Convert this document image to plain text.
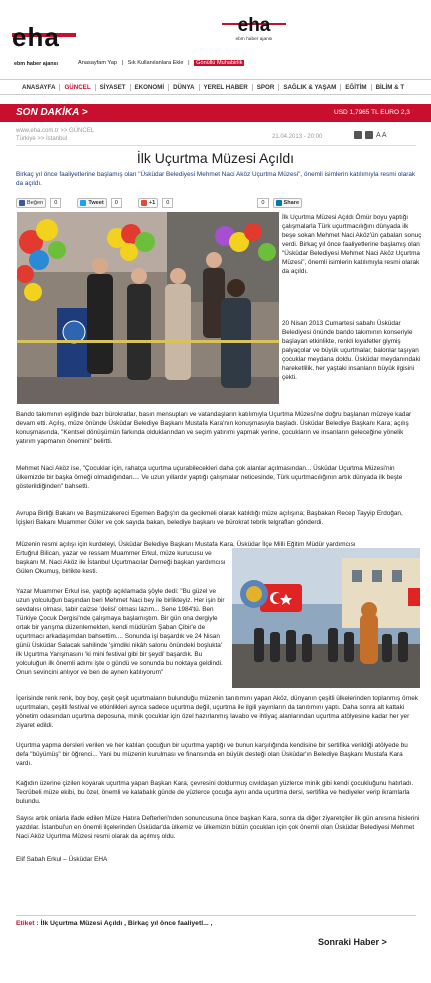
eha
ebm haber ajansı	Anasayfam Yap | Sık Kullanılanlara Ekle | Gönüllü Muhabirlik
eha
ebm haber ajansı
ANASAYFA	GÜNCEL	SİYASET	EKONOMİ	DÜNYA	YEREL HABER	SPOR	SAĞLIK & YAŞAM	EĞİTİM	BİLİM & T
SON DAKİKA >	USD 1,7965 TL EURO 2,3
www.eha.com.tr >> GÜNCEL
Türkiye >> İstanbul	21.04.2013 - 20:00	A A
İlk Uçurtma Müzesi Açıldı
Birkaç yıl önce faaliyetlerine başlamış olan "Üsküdar Belediyesi Mehmet Naci Aköz Uçurtma Müzesi", önemli isimlerin katılımıyla resmi olarak da açıldı.
Beğen	0	Tweet	0	+1	0	0	Share
İlk Uçurtma Müzesi Açıldı Ömür boyu yaptığı çalışmalarla Türk uçurtmacılığını dünyada ilk beşe sokan Mehmet Naci Aköz'ün çabaları sonuç verdi. Birkaç yıl önce faaliyetlerine başlamış olan "Üsküdar Belediyesi Mehmet Naci Aköz Uçurtma Müzesi", önemli isimlerin katılımıyla resmi olarak da açıldı.
20 Nisan 2013 Cumartesi sabahı Üsküdar Belediyesi önünde bando takımının konseriyle başlayan etkinlikte, renkli kıyafetler giymiş palyaçolar ve büyük uçurtmalar, balonlar taşıyan çocuklar meydana doldu. Üsküdar meydanındaki hareketlilik, her yaştaki insanların büyük ilgisini çekti.
Bando takımının eşliğinde bazı bürokratlar, basın mensupları ve vatandaşların katılımıyla Uçurtma Müzesi'ne doğru başlanan müzeye kadar devam etti. Açılış, müze önünde Üsküdar Belediye Başkanı Mustafa Kara'nın konuşmasıyla başladı. Üsküdar Belediye Başkanı Kara; açılış konuşmasında, "Kentsel dönüşümün farkında olduklarından ve seçim yatırımı yapmak yerine, çocukların ve insanların geleceğine yönelik yatırım yapmanın önemini" belirtti.
Mehmet Naci Aköz ise, "Çocuklar için, rahatça uçurtma uçurabilecekleri daha çok alanlar açılmasından... Üsküdar Uçurtma Müzesi'nin ülkemizde bir başka örneği olmadığından.... Ve uzun yıllardır yaptığı çalışmalar neticesinde, Türk uçurtmacılığının artık dünyada ilk beşte gösterildiğinden" bahsetti.
Avrupa Birliği Bakanı ve Başmüzakereci Egemen Bağış'ın da gecikmeli olarak katıldığı müze açılışına; Başbakan Recep Tayyip Erdoğan, İçişleri Bakanı Muammer Güler ve çok sayıda bakan, belediye başkanı ve bürokrat tebrik telgrafları gönderdi.
Müzenin resmi açılışı için kurdeleyi, Üsküdar Belediye Başkanı Mustafa Kara, Üsküdar İlçe Milli Eğitim Müdür yardımcısı
Ertuğrul Bilican, yazar ve ressam Muammer Erkul, müze kurucusu ve başkanı M. Naci Aköz ile İstanbul Uçurtmacılar Derneği başkan yardımcısı Gülen Okumuş, birlikte kesti.
Yazar Muammer Erkul ise, yaptığı açıklamada şöyle dedi: "Bu güzel ve uzun yolculuğun başından beri Mehmet Naci bey ile birlikteyiz. Her işin bir sevdalısı olması, tabir caizse 'delisi' olması lazım... Sene 1984'tü. Ben Türkiye Çocuk Dergisi'nde çalışmaya başlamıştım. Bir gün ona dergiyle ortak bir yarışma düzenlemekten, kendi müdürüm Şaban Çibir'e de uçurtmacı arkadaşımdan bahsettim.... Sonunda işi başardık ve 24 Nisan günü Üsküdar Salacak sahilinde 'şimdiki nikâh salonu önündeki boşlukta' ilk Uçurtma Yarışmasını 'ki mini festival gibi bir şeydi' başardık. Bu yolculuğun ilk önemli adımı işte o gündü ve sonunda bu noktaya geldindi. Onun sevincini anlıyor ve ben de aynen katılıyorum"
İçerisinde renk renk, boy boy, çeşit çeşit uçurtmaların bulunduğu müzenin tanıtımını yapan Aköz, dünyanın çeşitli ülkelerinden toplanmış örnek uçurtmaları, çeşitli festival ve etkinlikleri ayrıca sadece uçurtma değil, uçurtma ile ilgili yayınların da tanıtımını yaptı. Daha sonra alt kattaki yönetim odasından uçurtma deposuna, minik çocuklar için özel hazırlanmış lavabo ve ihtiyaç alanlarından uçurtma atölyesine kadar her yer ziyaret edildi.
Uçurtma yapma dersleri verilen ve her katılan çocuğun bir uçurtma yaptığı ve bunun karşılığında kendisine bir sertifika verildiği atölyede bu defa "büyümüş" bir öğrenci... Yani bu müzenin kurulması ve finansında en büyük desteği olan Üsküdar'ın Belediye Başkanı Mustafa Kara vardı.
Kağıdın üzerine çizilen koyarak uçurtma yapan Başkan Kara, çevresini doldurmuş cıvıldaşan yüzlerce minik gibi kendi çocukluğunu hatırladı. Tecrübeli müze ekibi, bu özel, önemli ve kalabalık günde de yüzlerce çocuğa aynı anda uçurtma dersi, sertifika ve hediyeler verip ikramlarla bulundu.
Sayısı artık onlarla ifade edilen Müze Hatıra Defterleri'nden sonuncusuna önce başkan Kara, sonra da diğer ziyaretçiler ilk gün anısına hislerini yazdılar. İstanbul'un en önemli ilçelerinden Üsküdar'da ülkemiz ve ülkemizin bütün çocukları için çok önemli olan Üsküdar Belediyesi Mehmet Naci Aköz Uçurtma Müzesi resmi olarak da açılmış oldu.
Elif Sabah Erkul – Üsküdar EHA
Etiket : İlk Uçurtma Müzesi Açıldı , Birkaç yıl önce faaliyetl... ,
Sonraki Haber >
